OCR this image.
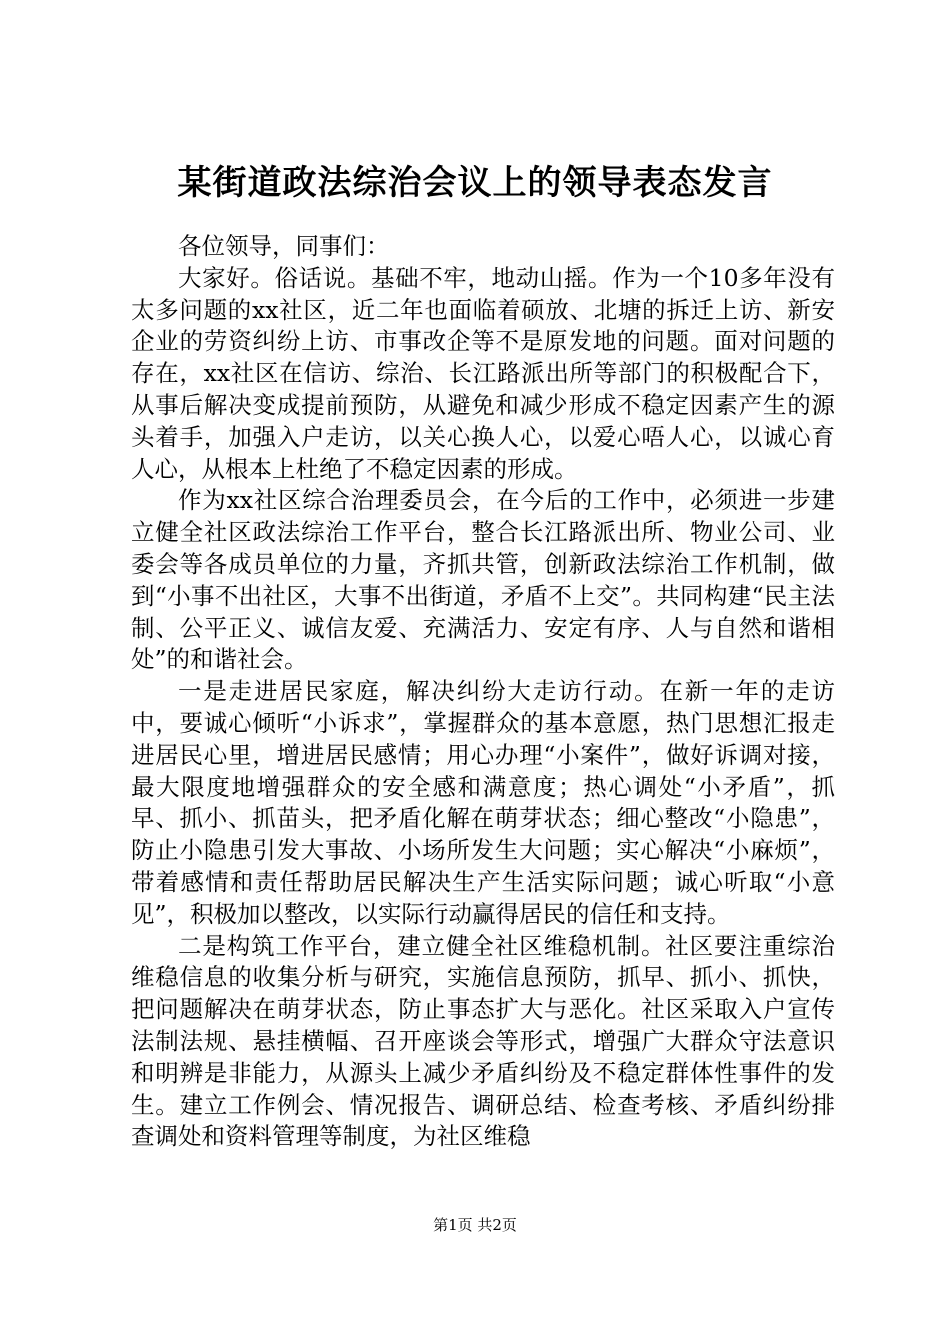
某街道政法综治会议上的领导表态发言

各位领导，同事们：

大家好。俗话说。基础不牢，地动山摇。作为一个10多年没有太多问题的xx社区，近二年也面临着硕放、北塘的拆迁上访、新安企业的劳资纠纷上访、市事改企等不是原发地的问题。面对问题的存在，xx社区在信访、综治、长江路派出所等部门的积极配合下，从事后解决变成提前预防，从避免和减少形成不稳定因素产生的源头着手，加强入户走访，以关心换人心，以爱心唔人心，以诚心育人心，从根本上杜绝了不稳定因素的形成。

作为xx社区综合治理委员会，在今后的工作中，必须进一步建立健全社区政法综治工作平台，整合长江路派出所、物业公司、业委会等各成员单位的力量，齐抓共管，创新政法综治工作机制，做到“小事不出社区，大事不出街道，矛盾不上交”。共同构建“民主法制、公平正义、诚信友爱、充满活力、安定有序、人与自然和谐相处”的和谐社会。

一是走进居民家庭，解决纠纷大走访行动。在新一年的走访中，要诚心倾听“小诉求”，掌握群众的基本意愿，热门思想汇报走进居民心里，增进居民感情；用心办理“小案件”，做好诉调对接，最大限度地增强群众的安全感和满意度；热心调处“小矛盾”，抓早、抓小、抓苗头，把矛盾化解在萌芽状态；细心整改“小隐患”，防止小隐患引发大事故、小场所发生大问题；实心解决“小麻烦”，带着感情和责任帮助居民解决生产生活实际问题；诚心听取“小意见”，积极加以整改，以实际行动赢得居民的信任和支持。

二是构筑工作平台，建立健全社区维稳机制。社区要注重综治维稳信息的收集分析与研究，实施信息预防，抓早、抓小、抓快，把问题解决在萌芽状态，防止事态扩大与恶化。社区采取入户宣传法制法规、悬挂横幅、召开座谈会等形式，增强广大群众守法意识和明辨是非能力，从源头上减少矛盾纠纷及不稳定群体性事件的发生。建立工作例会、情况报告、调研总结、检查考核、矛盾纠纷排查调处和资料管理等制度，为社区维稳

第1页 共2页
